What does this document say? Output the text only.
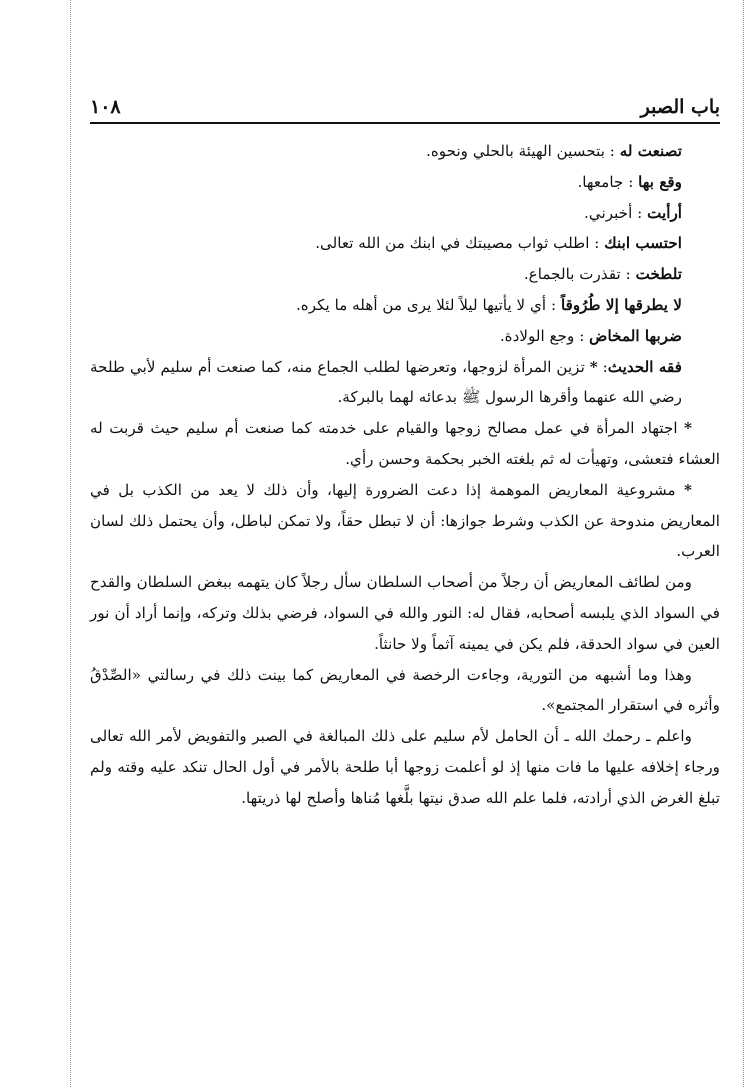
باب الصبر
١٠٨

تصنعت له : بتحسين الهيئة بالحلي ونحوه.

وقع بها : جامعها.

أرأيت : أخبرني.

احتسب ابنك : اطلب ثواب مصيبتك في ابنك من الله تعالى.

تلطخت : تقذرت بالجماع.

لا يطرقها إلا طُرُوقاً : أي لا يأتيها ليلاً لئلا يرى من أهله ما يكره.

ضربها المخاض : وجع الولادة.

فقه الحديث: * تزين المرأة لزوجها، وتعرضها لطلب الجماع منه، كما صنعت أم سليم لأبي طلحة رضي الله عنهما وأقرها الرسول ﷺ بدعائه لهما بالبركة.

* اجتهاد المرأة في عمل مصالح زوجها والقيام على خدمته كما صنعت أم سليم حيث قربت له العشاء فتعشى، وتهيأت له ثم بلغته الخبر بحكمة وحسن رأي.

* مشروعية المعاريض الموهمة إذا دعت الضرورة إليها، وأن ذلك لا يعد من الكذب بل في المعاريض مندوحة عن الكذب وشرط جوازها: أن لا تبطل حقاً، ولا تمكن لباطل، وأن يحتمل ذلك لسان العرب.

ومن لطائف المعاريض أن رجلاً من أصحاب السلطان سأل رجلاً كان يتهمه ببغض السلطان والقدح في السواد الذي يلبسه أصحابه، فقال له: النور والله في السواد، فرضي بذلك وتركه، وإنما أراد أن نور العين في سواد الحدقة، فلم يكن في يمينه آثماً ولا حانثاً.

وهذا وما أشبهه من التورية، وجاءت الرخصة في المعاريض كما بينت ذلك في رسالتي «الصِّدْقُ وأثره في استقرار المجتمع».

واعلم ـ رحمك الله ـ أن الحامل لأم سليم على ذلك المبالغة في الصبر والتفويض لأمر الله تعالى ورجاء إخلافه عليها ما فات منها إذ لو أعلمت زوجها أبا طلحة بالأمر في أول الحال تنكد عليه وقته ولم تبلغ الغرض الذي أرادته، فلما علم الله صدق نيتها بلَّغها مُناها وأصلح لها ذريتها.
